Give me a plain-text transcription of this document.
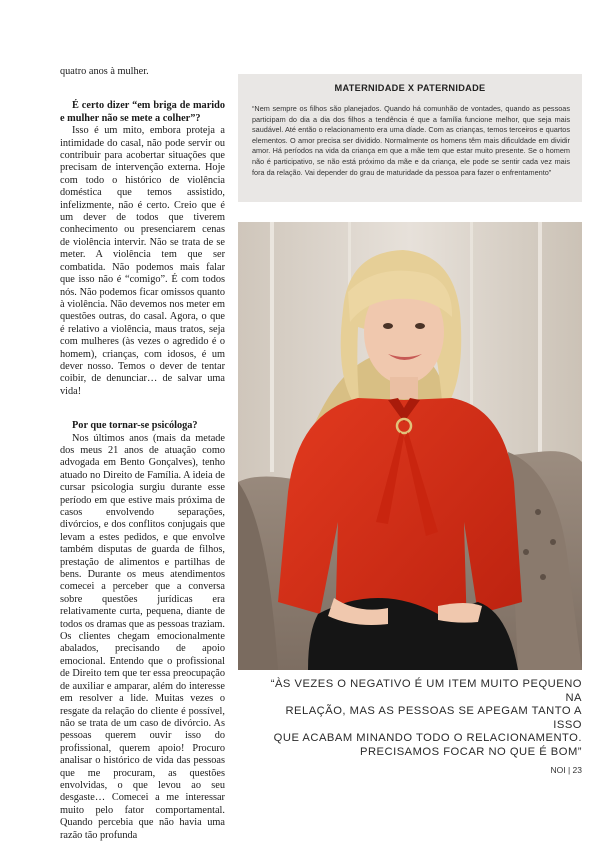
quatro anos à mulher.

É certo dizer “em briga de marido e mulher não se mete a colher”?

Isso é um mito, embora proteja a intimidade do casal, não pode servir ou contribuir para acobertar situações que precisam de intervenção externa. Hoje com todo o histórico de violência doméstica que temos assistido, infelizmente, não é certo. Creio que é um dever de todos que tiverem conhecimento ou presenciarem cenas de violência intervir. Não se trata de se meter. A violência tem que ser combatida. Não podemos mais falar que isso não é “comigo”. É com todos nós. Não podemos ficar omissos quanto à violência. Não devemos nos meter em questões outras, do casal. Agora, o que é relativo a violência, maus tratos, seja com mulheres (às vezes o agredido é o homem), crianças, com idosos, é um dever nosso. Temos o dever de tentar coibir, de denunciar… de salvar uma vida!

Por que tornar-se psicóloga?

Nos últimos anos (mais da metade dos meus 21 anos de atuação como advogada em Bento Gonçalves), tenho atuado no Direito de Família. A ideia de cursar psicologia surgiu durante esse período em que estive mais próxima de casos envolvendo separações, divórcios, e dos conflitos conjugais que levam a estes pedidos, e que envolve também disputas de guarda de filhos, prestação de alimentos e partilhas de bens. Durante os meus atendimentos comecei a perceber que a conversa sobre questões jurídicas era relativamente curta, pequena, diante de todos os dramas que as pessoas traziam. Os clientes chegam emocionalmente abalados, precisando de apoio emocional. Entendo que o profissional de Direito tem que ter essa preocupação de auxiliar e amparar, além do interesse em resolver a lide. Muitas vezes o resgate da relação do cliente é possível, não se trata de um caso de divórcio. As pessoas querem ouvir isso do profissional, querem apoio! Procuro analisar o histórico de vida das pessoas que me procuram, as questões envolvidas, o que levou ao seu desgaste… Comecei a me interessar muito pelo fator comportamental. Quando percebia que não havia uma razão tão profunda

MATERNIDADE X PATERNIDADE
“Nem sempre os filhos são planejados. Quando há comunhão de vontades, quando as pessoas participam do dia a dia dos filhos a tendência é que a família funcione melhor, que seja mais saudável. Até então o relacionamento era uma díade. Com as crianças, temos terceiros e quartos elementos. O amor precisa ser dividido. Normalmente os homens têm mais dificuldade em dividir amor. Há períodos na vida da criança em que a mãe tem que estar muito presente. Se o homem não é participativo, se não está próximo da mãe e da criança, ele pode se sentir cada vez mais fora da relação. Vai depender do grau de maturidade da pessoa para fazer o enfrentamento”
“ÀS VEZES O NEGATIVO É UM ITEM MUITO PEQUENO NA
RELAÇÃO, MAS AS PESSOAS SE APEGAM TANTO A ISSO
QUE ACABAM MINANDO TODO O RELACIONAMENTO.
PRECISAMOS FOCAR NO QUE É BOM”
NOI | 23
